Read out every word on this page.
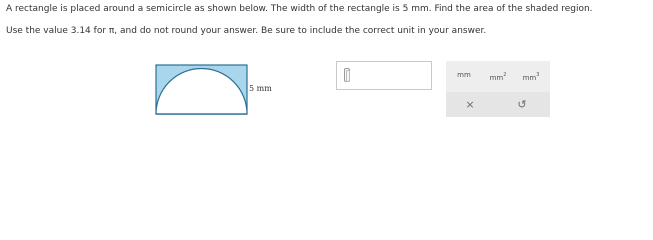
A rectangle is placed around a semicircle as shown below. The width of the rectangle is 5 mm. Find the area of the shaded region.
Use the value 3.14 for π, and do not round your answer. Be sure to include the correct unit in your answer.
5 mm
mm	$mm^2$	$mm^3$
×	↺
